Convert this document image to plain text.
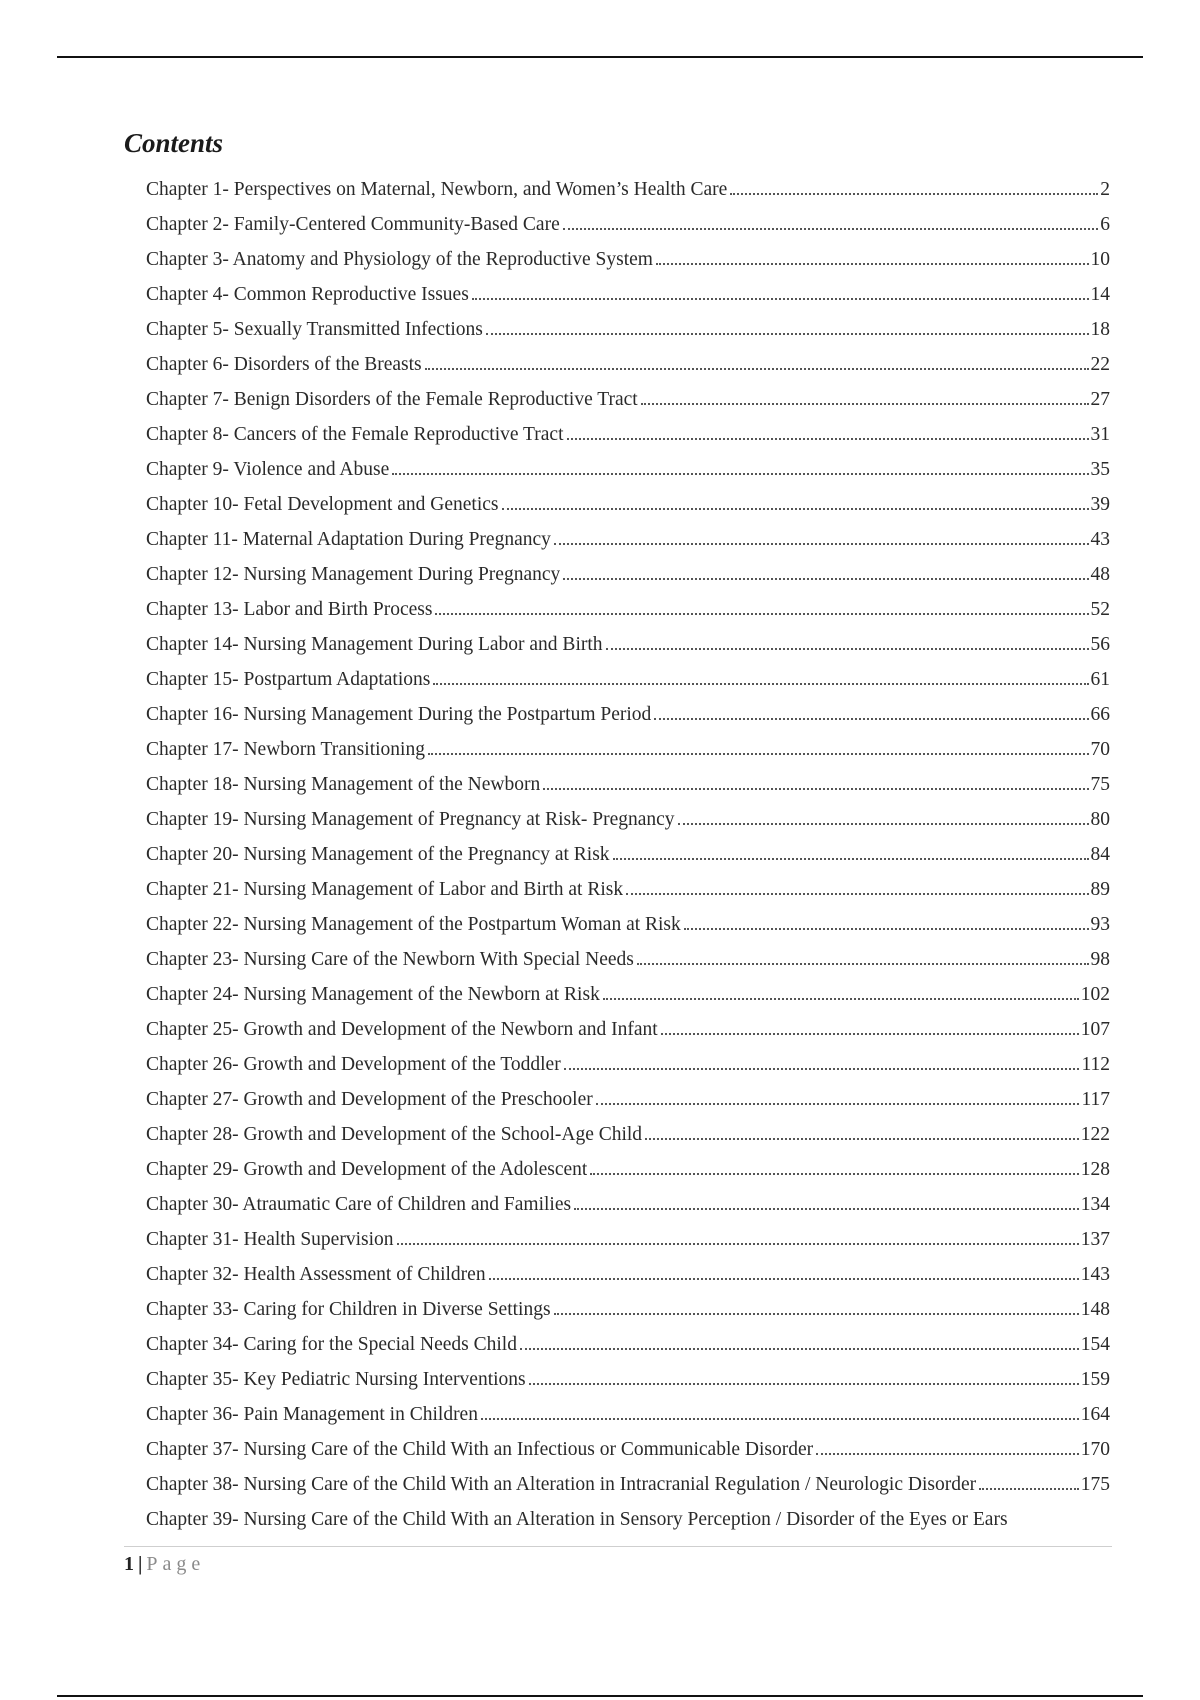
Contents
Chapter 1- Perspectives on Maternal, Newborn, and Women’s Health Care	2
Chapter 2- Family-Centered Community-Based Care	6
Chapter 3- Anatomy and Physiology of the Reproductive System	10
Chapter 4- Common Reproductive Issues	14
Chapter 5- Sexually Transmitted Infections	18
Chapter 6- Disorders of the Breasts	22
Chapter 7- Benign Disorders of the Female Reproductive Tract	27
Chapter 8- Cancers of the Female Reproductive Tract	31
Chapter 9- Violence and Abuse	35
Chapter 10- Fetal Development and Genetics	39
Chapter 11- Maternal Adaptation During Pregnancy	43
Chapter 12- Nursing Management During Pregnancy	48
Chapter 13- Labor and Birth Process	52
Chapter 14- Nursing Management During Labor and Birth	56
Chapter 15- Postpartum Adaptations	61
Chapter 16- Nursing Management During the Postpartum Period	66
Chapter 17- Newborn Transitioning	70
Chapter 18- Nursing Management of the Newborn	75
Chapter 19- Nursing Management of Pregnancy at Risk- Pregnancy	80
Chapter 20- Nursing Management of the Pregnancy at Risk	84
Chapter 21- Nursing Management of Labor and Birth at Risk	89
Chapter 22- Nursing Management of the Postpartum Woman at Risk	93
Chapter 23- Nursing Care of the Newborn With Special Needs	98
Chapter 24- Nursing Management of the Newborn at Risk	102
Chapter 25- Growth and Development of the Newborn and Infant	107
Chapter 26- Growth and Development of the Toddler	112
Chapter 27- Growth and Development of the Preschooler	117
Chapter 28- Growth and Development of the School-Age Child	122
Chapter 29- Growth and Development of the Adolescent	128
Chapter 30- Atraumatic Care of Children and Families	134
Chapter 31- Health Supervision	137
Chapter 32- Health Assessment of Children	143
Chapter 33- Caring for Children in Diverse Settings	148
Chapter 34- Caring for the Special Needs Child	154
Chapter 35- Key Pediatric Nursing Interventions	159
Chapter 36- Pain Management in Children	164
Chapter 37- Nursing Care of the Child With an Infectious or Communicable Disorder	170
Chapter 38- Nursing Care of the Child With an Alteration in Intracranial Regulation / Neurologic Disorder	175
Chapter 39- Nursing Care of the Child With an Alteration in Sensory Perception / Disorder of the Eyes or Ears
1 | Page
